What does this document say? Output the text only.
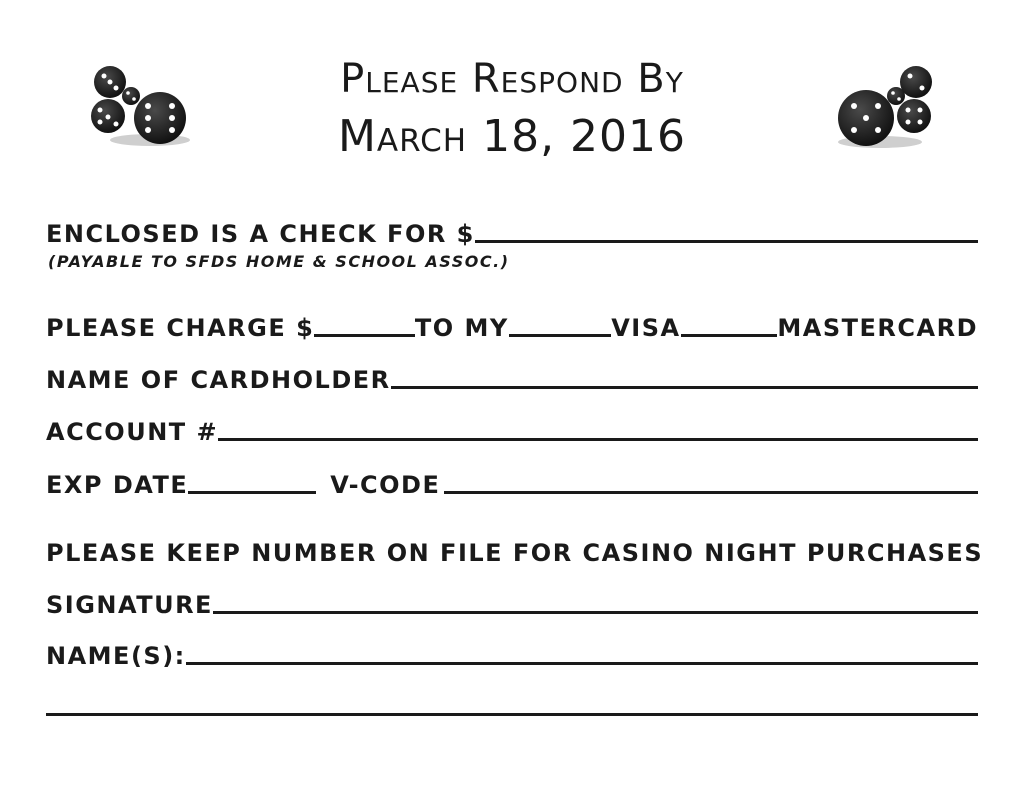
Please Respond By
March 18, 2016
ENCLOSED IS A CHECK FOR $
(PAYABLE TO SFDS HOME & SCHOOL ASSOC.)
PLEASE CHARGE $	TO MY	VISA	MASTERCARD
NAME OF CARDHOLDER
ACCOUNT #
EXP DATE	V-CODE
PLEASE KEEP NUMBER ON FILE FOR CASINO NIGHT PURCHASES
SIGNATURE
NAME(S):
